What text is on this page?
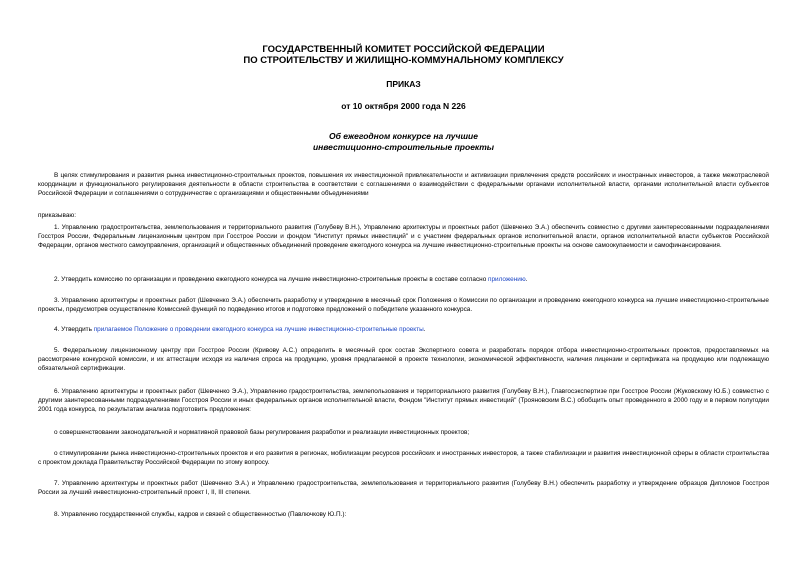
ГОСУДАРСТВЕННЫЙ КОМИТЕТ РОССИЙСКОЙ ФЕДЕРАЦИИ
ПО СТРОИТЕЛЬСТВУ И ЖИЛИЩНО-КОММУНАЛЬНОМУ КОМПЛЕКСУ
ПРИКАЗ
от 10 октября 2000 года N 226
Об ежегодном конкурсе на лучшие
инвестиционно-строительные проекты

В целях стимулирования и развития рынка инвестиционно-строительных проектов, повышения их инвестиционной привлекательности и активизации привлечения средств российских и иностранных инвесторов, а также межотраслевой координации и функционального регулирования деятельности в области строительства в соответствии с соглашениями о взаимодействии с федеральными органами исполнительной власти, органами исполнительной власти субъектов Российской Федерации и соглашениями о сотрудничестве с организациями и общественными объединениями

приказываю:

1. Управлению градостроительства, землепользования и территориального развития (Голубеву В.Н.), Управлению архитектуры и проектных работ (Шевченко Э.А.) обеспечить совместно с другими заинтересованными подразделениями Госстроя России, Федеральным лицензионным центром при Госстрое России и фондом "Институт прямых инвестиций" и с участием федеральных органов исполнительной власти, органов исполнительной власти субъектов Российской Федерации, органов местного самоуправления, организаций и общественных объединений проведение ежегодного конкурса на лучшие инвестиционно-строительные проекты на основе самоокупаемости и самофинансирования.

2. Утвердить комиссию по организации и проведению ежегодного конкурса на лучшие инвестиционно-строительные проекты в составе согласно приложению.

3. Управлению архитектуры и проектных работ (Шевченко Э.А.) обеспечить разработку и утверждение в месячный срок Положения о Комиссии по организации и проведению ежегодного конкурса на лучшие инвестиционно-строительные проекты, предусмотрев осуществление Комиссией функций по подведению итогов и подготовке предложений о победителе указанного конкурса.

4. Утвердить прилагаемое Положение о проведении ежегодного конкурса на лучшие инвестиционно-строительные проекты.

5. Федеральному лицензионному центру при Госстрое России (Кривову А.С.) определить в месячный срок состав Экспертного совета и разработать порядок отбора инвестиционно-строительных проектов, предоставляемых на рассмотрение конкурсной комиссии, и их аттестации исходя из наличия спроса на продукцию, уровня предлагаемой в проекте технологии, экономической эффективности, наличия лицензии и сертификата на продукцию или подлежащую обязательной сертификации.

6. Управлению архитектуры и проектных работ (Шевченко Э.А.), Управлению градостроительства, землепользования и территориального развития (Голубеву В.Н.), Главгосэкспертизе при Госстрое России (Жуковскому Ю.Б.) совместно с другими заинтересованными подразделениями Госстроя России и иных федеральных органов исполнительной власти, Фондом "Институт прямых инвестиций" (Трояновским В.С.) обобщить опыт проведенного в 2000 году и в первом полугодии 2001 года конкурса, по результатам анализа подготовить предложения:

о совершенствовании законодательной и нормативной правовой базы регулирования разработки и реализации инвестиционных проектов;

о стимулировании рынка инвестиционно-строительных проектов и его развития в регионах, мобилизации ресурсов российских и иностранных инвесторов, а также стабилизации и развития инвестиционной сферы в области строительства с проектом доклада Правительству Российской Федерации по этому вопросу.

7. Управлению архитектуры и проектных работ (Шевченко Э.А.) и Управлению градостроительства, землепользования и территориального развития (Голубеву В.Н.) обеспечить разработку и утверждение образцов Дипломов Госстроя России за лучший инвестиционно-строительный проект I, II, III степени.

8. Управлению государственной службы, кадров и связей с общественностью (Павлючкову Ю.П.):
